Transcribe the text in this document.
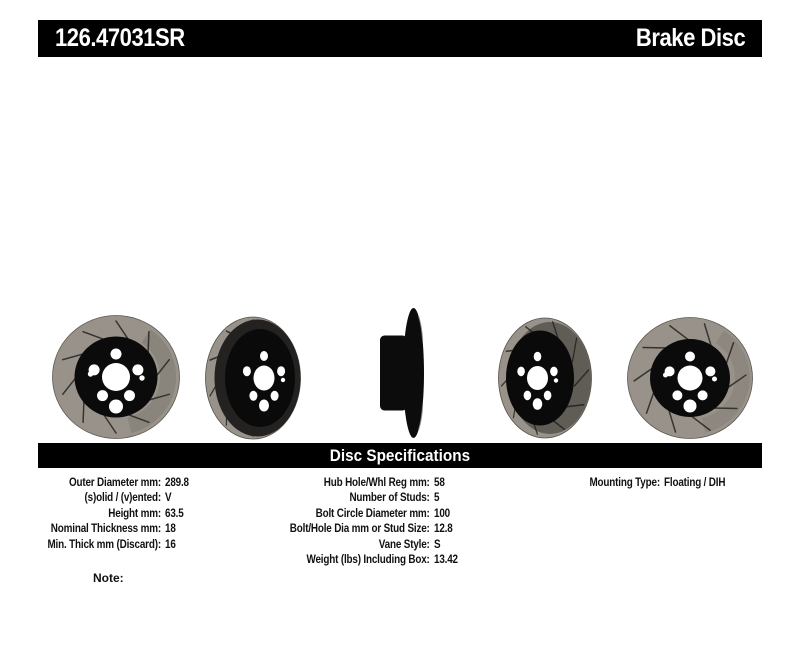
126.47031SR	Brake Disc
Disc Specifications
Outer Diameter mm:
(s)olid / (v)ented:
Height mm:
Nominal Thickness mm:
Min. Thick mm (Discard):
289.8
V
63.5
18
16
Hub Hole/Whl Reg mm:
Number of Studs:
Bolt Circle Diameter mm:
Bolt/Hole Dia mm or Stud Size:
Vane Style:
Weight (lbs) Including Box:
58
5
100
12.8
S
13.42
Mounting Type: Floating / DIH
Note:
